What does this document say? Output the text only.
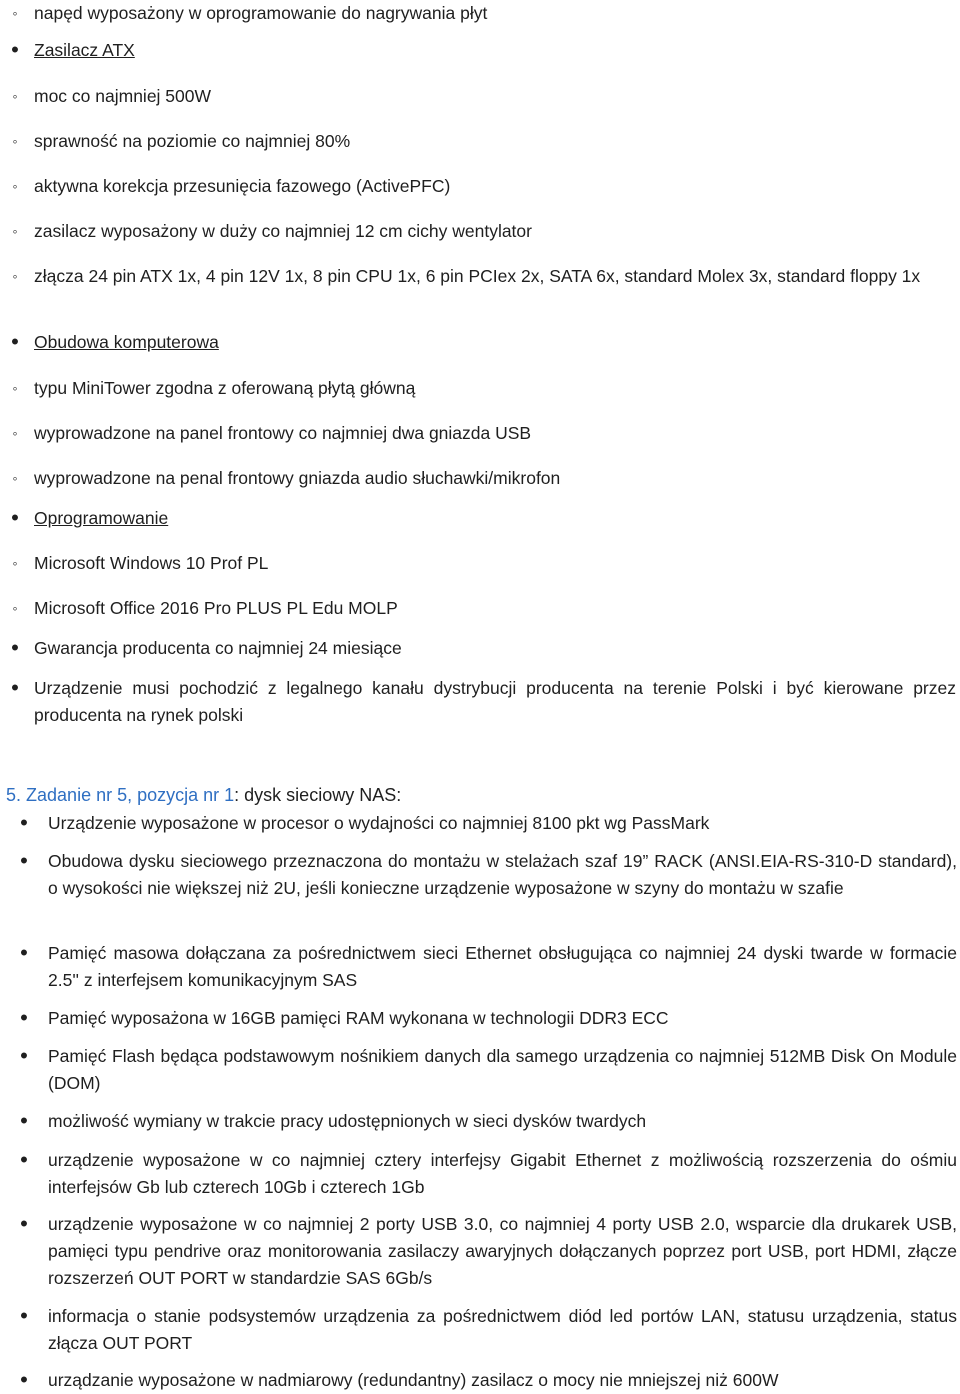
◦ napęd wyposażony w oprogramowanie do nagrywania płyt
• Zasilacz ATX
◦ moc co najmniej 500W
◦ sprawność na poziomie co najmniej 80%
◦ aktywna korekcja przesunięcia fazowego (ActivePFC)
◦ zasilacz wyposażony w duży co najmniej 12 cm cichy wentylator
◦ złącza 24 pin ATX 1x, 4 pin 12V 1x, 8 pin CPU 1x, 6 pin PCIex 2x, SATA 6x, standard Molex 3x, standard floppy 1x
• Obudowa komputerowa
◦ typu MiniTower zgodna z oferowaną płytą główną
◦ wyprowadzone na panel frontowy co najmniej dwa gniazda USB
◦ wyprowadzone na penal frontowy gniazda audio słuchawki/mikrofon
• Oprogramowanie
◦ Microsoft Windows 10 Prof PL
◦ Microsoft Office 2016 Pro PLUS PL Edu MOLP
• Gwarancja producenta co najmniej 24 miesiące
• Urządzenie musi pochodzić z legalnego kanału dystrybucji producenta na terenie Polski i być kierowane przez producenta na rynek polski
5. Zadanie nr 5, pozycja nr 1: dysk sieciowy NAS:
•	Urządzenie wyposażone w procesor o wydajności co najmniej 8100 pkt wg PassMark
•	Obudowa dysku sieciowego przeznaczona do montażu w stelażach szaf 19” RACK (ANSI.EIA-RS-310-D standard), o wysokości nie większej niż 2U, jeśli konieczne urządzenie wyposażone w szyny do montażu w szafie
•	Pamięć masowa dołączana za pośrednictwem sieci Ethernet obsługująca co najmniej 24 dyski twarde w formacie 2.5'' z interfejsem komunikacyjnym SAS
•	Pamięć wyposażona w 16GB pamięci RAM wykonana w technologii DDR3 ECC
•	Pamięć Flash będąca podstawowym nośnikiem danych dla samego urządzenia co najmniej 512MB Disk On Module (DOM)
•	możliwość wymiany w trakcie pracy udostępnionych w sieci dysków twardych
•	urządzenie wyposażone w co najmniej cztery interfejsy Gigabit Ethernet z możliwością rozszerzenia do ośmiu interfejsów Gb lub czterech 10Gb i czterech 1Gb
•	urządzenie wyposażone w co najmniej 2 porty USB 3.0, co najmniej 4 porty USB 2.0, wsparcie dla drukarek USB, pamięci typu pendrive oraz monitorowania zasilaczy awaryjnych dołączanych poprzez port USB, port HDMI, złącze rozszerzeń OUT PORT w standardzie SAS 6Gb/s
•	informacja o stanie podsystemów urządzenia za pośrednictwem diód led portów LAN, statusu urządzenia, status złącza OUT PORT
•	urządzanie wyposażone w nadmiarowy (redundantny) zasilacz o mocy nie mniejszej niż 600W
